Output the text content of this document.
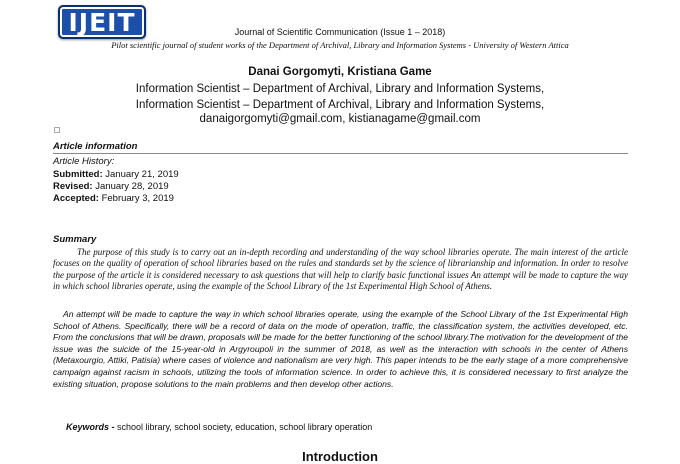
IJEIT	Journal of Scientific Communication (Issue 1 – 2018)
Pilot scientific journal of student works of the Department of Archival, Library and Information Systems - University of Western Attica
Danai Gorgomyti, Kristiana Game
Information Scientist – Department of Archival, Library and Information Systems,
Information Scientist – Department of Archival, Library and Information Systems,
danaigorgomyti@gmail.com, kistianagame@gmail.com
Article information
Article History:
Submitted: January 21, 2019
Revised: January 28, 2019
Accepted: February 3, 2019
Summary
The purpose of this study is to carry out an in-depth recording and understanding of the way school libraries operate. The main interest of the article focuses on the quality of operation of school libraries based on the rules and standards set by the science of librarianship and information. In order to resolve the purpose of the article it is considered necessary to ask questions that will help to clarify basic functional issues An attempt will be made to capture the way in which school libraries operate, using the example of the School Library of the 1st Experimental High School of Athens.
An attempt will be made to capture the way in which school libraries operate, using the example of the School Library of the 1st Experimental High School of Athens. Specifically, there will be a record of data on the mode of operation, traffic, the classification system, the activities developed, etc. From the conclusions that will be drawn, proposals will be made for the better functioning of the school library.The motivation for the development of the issue was the suicide of the 15-year-old in Argyroupoli in the summer of 2018, as well as the interaction with schools in the center of Athens (Metaxourgio, Attiki, Patisia) where cases of violence and nationalism are very high. This paper intends to be the early stage of a more comprehensive campaign against racism in schools, utilizing the tools of information science. In order to achieve this, it is considered necessary to first analyze the existing situation, propose solutions to the main problems and then develop other actions.
Keywords - school library, school society, education, school library operation
Introduction
